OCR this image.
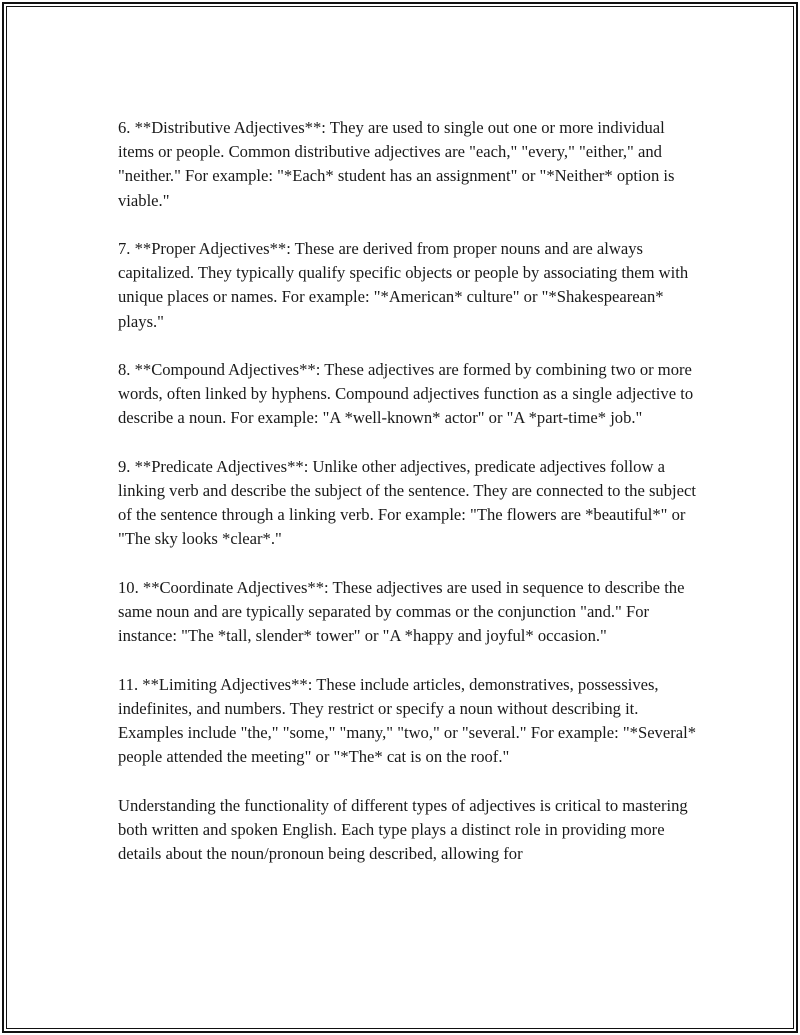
6. **Distributive Adjectives**: They are used to single out one or more individual items or people. Common distributive adjectives are "each," "every," "either," and "neither." For example: "*Each* student has an assignment" or "*Neither* option is viable."

7. **Proper Adjectives**: These are derived from proper nouns and are always capitalized. They typically qualify specific objects or people by associating them with unique places or names. For example: "*American* culture" or "*Shakespearean* plays."

8. **Compound Adjectives**: These adjectives are formed by combining two or more words, often linked by hyphens. Compound adjectives function as a single adjective to describe a noun. For example: "A *well-known* actor" or "A *part-time* job."

9. **Predicate Adjectives**: Unlike other adjectives, predicate adjectives follow a linking verb and describe the subject of the sentence. They are connected to the subject of the sentence through a linking verb. For example: "The flowers are *beautiful*" or "The sky looks *clear*."

10. **Coordinate Adjectives**: These adjectives are used in sequence to describe the same noun and are typically separated by commas or the conjunction "and." For instance: "The *tall, slender* tower" or "A *happy and joyful* occasion."

11. **Limiting Adjectives**: These include articles, demonstratives, possessives, indefinites, and numbers. They restrict or specify a noun without describing it. Examples include "the," "some," "many," "two," or "several." For example: "*Several* people attended the meeting" or "*The* cat is on the roof."

Understanding the functionality of different types of adjectives is critical to mastering both written and spoken English. Each type plays a distinct role in providing more details about the noun/pronoun being described, allowing for
